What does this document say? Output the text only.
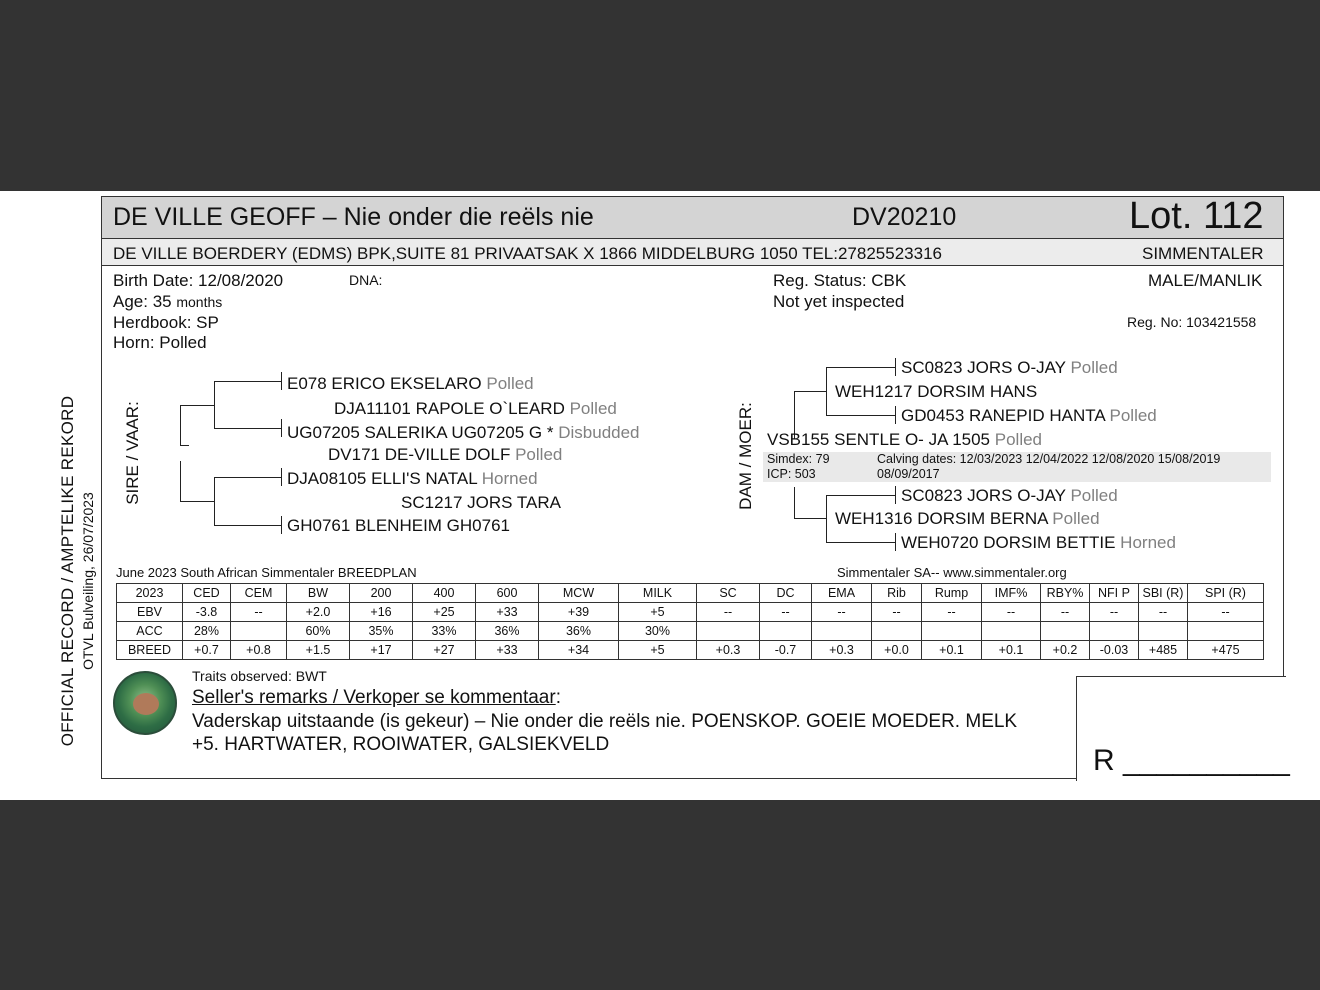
DE VILLE GEOFF – Nie onder die reëls nie	DV20210	Lot. 112
DE VILLE BOERDERY (EDMS) BPK,SUITE 81 PRIVAATSAK X 1866 MIDDELBURG 1050 TEL:27825523316	SIMMENTALER
Birth Date: 12/08/2020	DNA:
Age: 35 months
Herdbook: SP
Horn: Polled
Reg. Status: CBK
Not yet inspected
MALE/MANLIK
Reg. No: 103421558
OFFICIAL RECORD / AMPTELIKE REKORD OTVL Bulveiling, 26/07/2023
SIRE / VAAR:
E078 ERICO EKSELARO Polled
DJA11101 RAPOLE O`LEARD Polled
UG07205 SALERIKA UG07205 G * Disbudded
DV171 DE-VILLE DOLF Polled
DJA08105 ELLI'S NATAL Horned
SC1217 JORS TARA
GH0761 BLENHEIM GH0761
DAM / MOER:
SC0823 JORS O-JAY Polled
WEH1217 DORSIM HANS
GD0453 RANEPID HANTA Polled
VSB155 SENTLE O- JA 1505 Polled
Simdex: 79
ICP: 503
Calving dates: 12/03/2023 12/04/2022 12/08/2020 15/08/2019
08/09/2017
SC0823 JORS O-JAY Polled
WEH1316 DORSIM BERNA Polled
WEH0720 DORSIM BETTIE Horned
June 2023 South African Simmentaler BREEDPLAN	Simmentaler SA-- www.simmentaler.org
2023	CED	CEM	BW	200	400	600	MCW	MILK	SC	DC	EMA	Rib	Rump	IMF%	RBY%	NFI P	SBI (R)	SPI (R)
EBV	-3.8	--	+2.0	+16	+25	+33	+39	+5	--	--	--	--	--	--	--	--	--	--
ACC	28%		60%	35%	33%	36%	36%	30%										
BREED	+0.7	+0.8	+1.5	+17	+27	+33	+34	+5	+0.3	-0.7	+0.3	+0.0	+0.1	+0.1	+0.2	-0.03	+485	+475
Traits observed: BWT
Seller's remarks / Verkoper se kommentaar:
Vaderskap uitstaande (is gekeur) – Nie onder die reëls nie. POENSKOP. GOEIE MOEDER. MELK
+5. HARTWATER, ROOIWATER, GALSIEKVELD	R __________
